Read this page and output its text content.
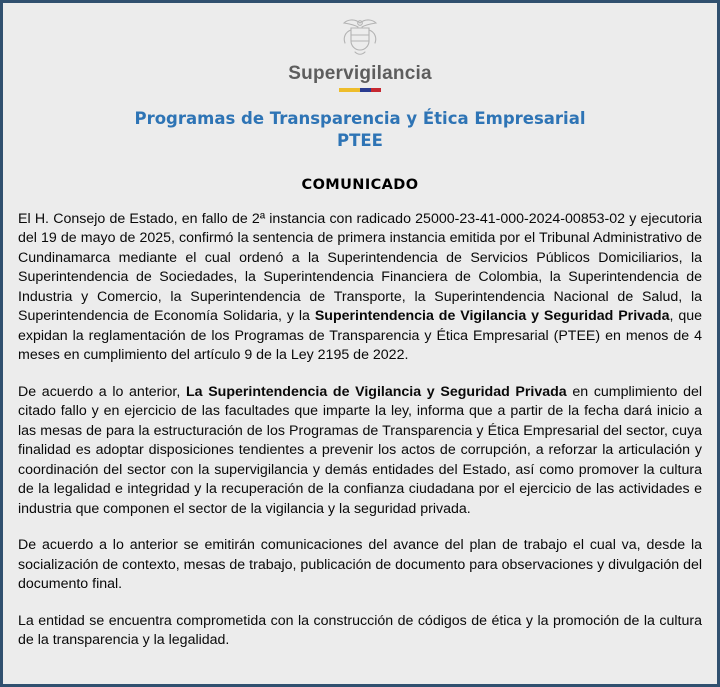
Supervigilancia
Programas de Transparencia y Ética Empresarial
PTEE
COMUNICADO

El H. Consejo de Estado, en fallo de 2ª instancia con radicado 25000-23-41-000-2024-00853-02 y ejecutoria del 19 de mayo de 2025, confirmó la sentencia de primera instancia emitida por el Tribunal Administrativo de Cundinamarca mediante el cual ordenó a la Superintendencia de Servicios Públicos Domiciliarios, la Superintendencia de Sociedades, la Superintendencia Financiera de Colombia, la Superintendencia de Industria y Comercio, la Superintendencia de Transporte, la Superintendencia Nacional de Salud, la Superintendencia de Economía Solidaria, y la Superintendencia de Vigilancia y Seguridad Privada, que expidan la reglamentación de los Programas de Transparencia y Ética Empresarial (PTEE) en menos de 4 meses en cumplimiento del artículo 9 de la Ley 2195 de 2022.

De acuerdo a lo anterior, La Superintendencia de Vigilancia y Seguridad Privada en cumplimiento del citado fallo y en ejercicio de las facultades que imparte la ley, informa que a partir de la fecha dará inicio a las mesas de para la estructuración de los Programas de Transparencia y Ética Empresarial del sector, cuya finalidad es adoptar disposiciones tendientes a prevenir los actos de corrupción, a reforzar la articulación y coordinación del sector con la supervigilancia y demás entidades del Estado, así como promover la cultura de la legalidad e integridad y la recuperación de la confianza ciudadana por el ejercicio de las actividades e industria que componen el sector de la vigilancia y la seguridad privada.

De acuerdo a lo anterior se emitirán comunicaciones del avance del plan de trabajo el cual va, desde la socialización de contexto, mesas de trabajo, publicación de documento para observaciones y divulgación del documento final.

La entidad se encuentra comprometida con la construcción de códigos de ética y la promoción de la cultura de la transparencia y la legalidad.
